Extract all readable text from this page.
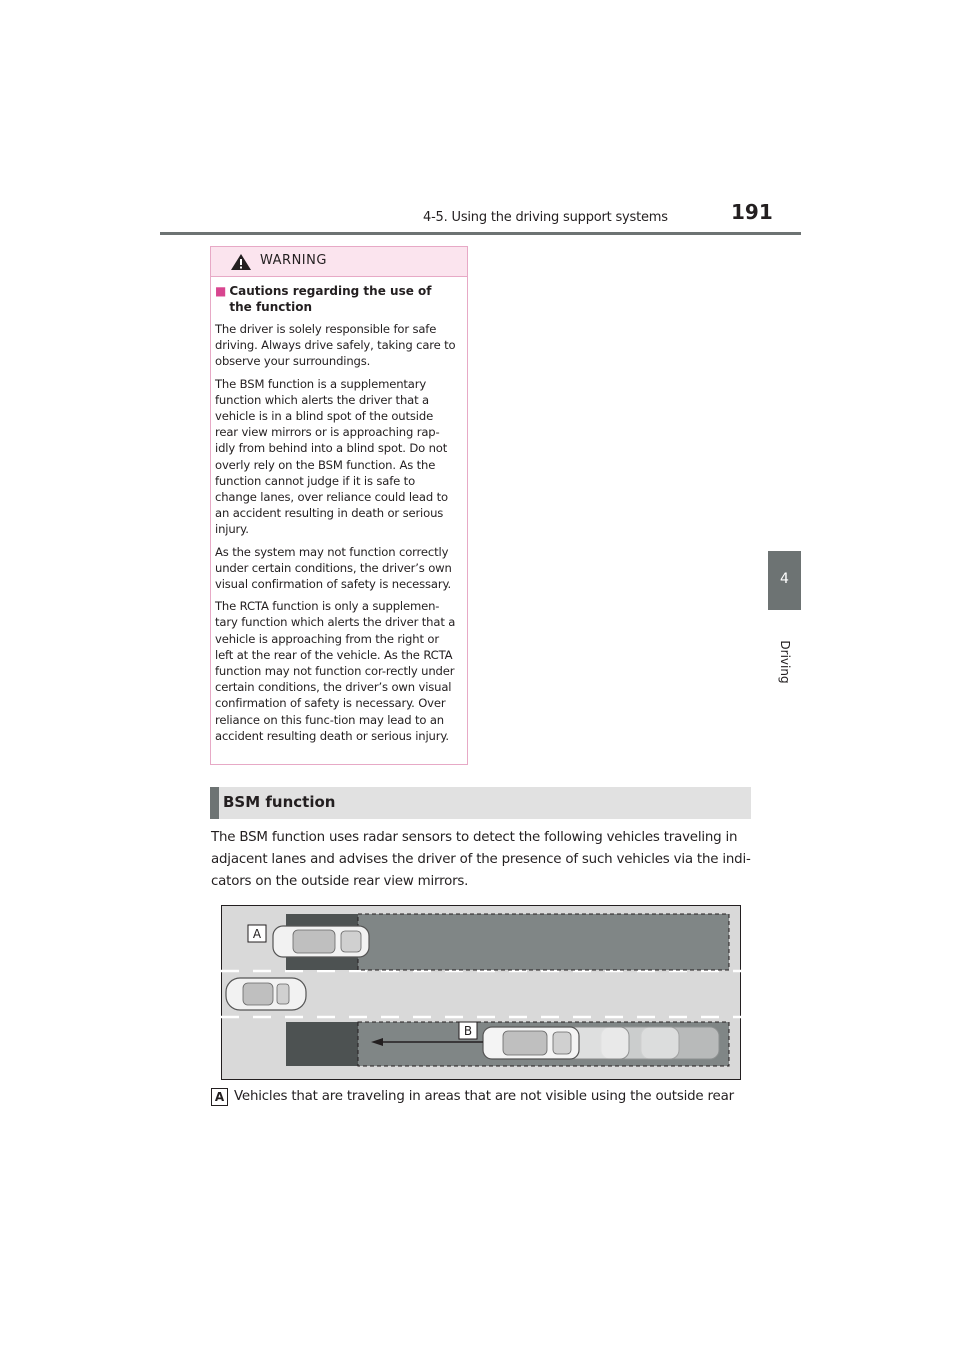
4-5. Using the driving support systems	191
4
Driving
WARNING
■ Cautions regarding the use of the function

The driver is solely responsible for safe driving. Always drive safely, taking care to observe your surroundings.

The BSM function is a supplementary function which alerts the driver that a vehicle is in a blind spot of the outside rear view mirrors or is approaching rap-idly from behind into a blind spot. Do not overly rely on the BSM function. As the function cannot judge if it is safe to change lanes, over reliance could lead to an accident resulting in death or serious injury.

As the system may not function correctly under certain conditions, the driver’s own visual confirmation of safety is necessary.

The RCTA function is only a supplemen-tary function which alerts the driver that a vehicle is approaching from the right or left at the rear of the vehicle. As the RCTA function may not function cor-rectly under certain conditions, the driver’s own visual confirmation of safety is necessary. Over reliance on this func-tion may lead to an accident resulting death or serious injury.

BSM function
The BSM function uses radar sensors to detect the following vehicles traveling in adjacent lanes and advises the driver of the presence of such vehicles via the indi-cators on the outside rear view mirrors.
A
B
A Vehicles that are traveling in areas that are not visible using the outside rear
